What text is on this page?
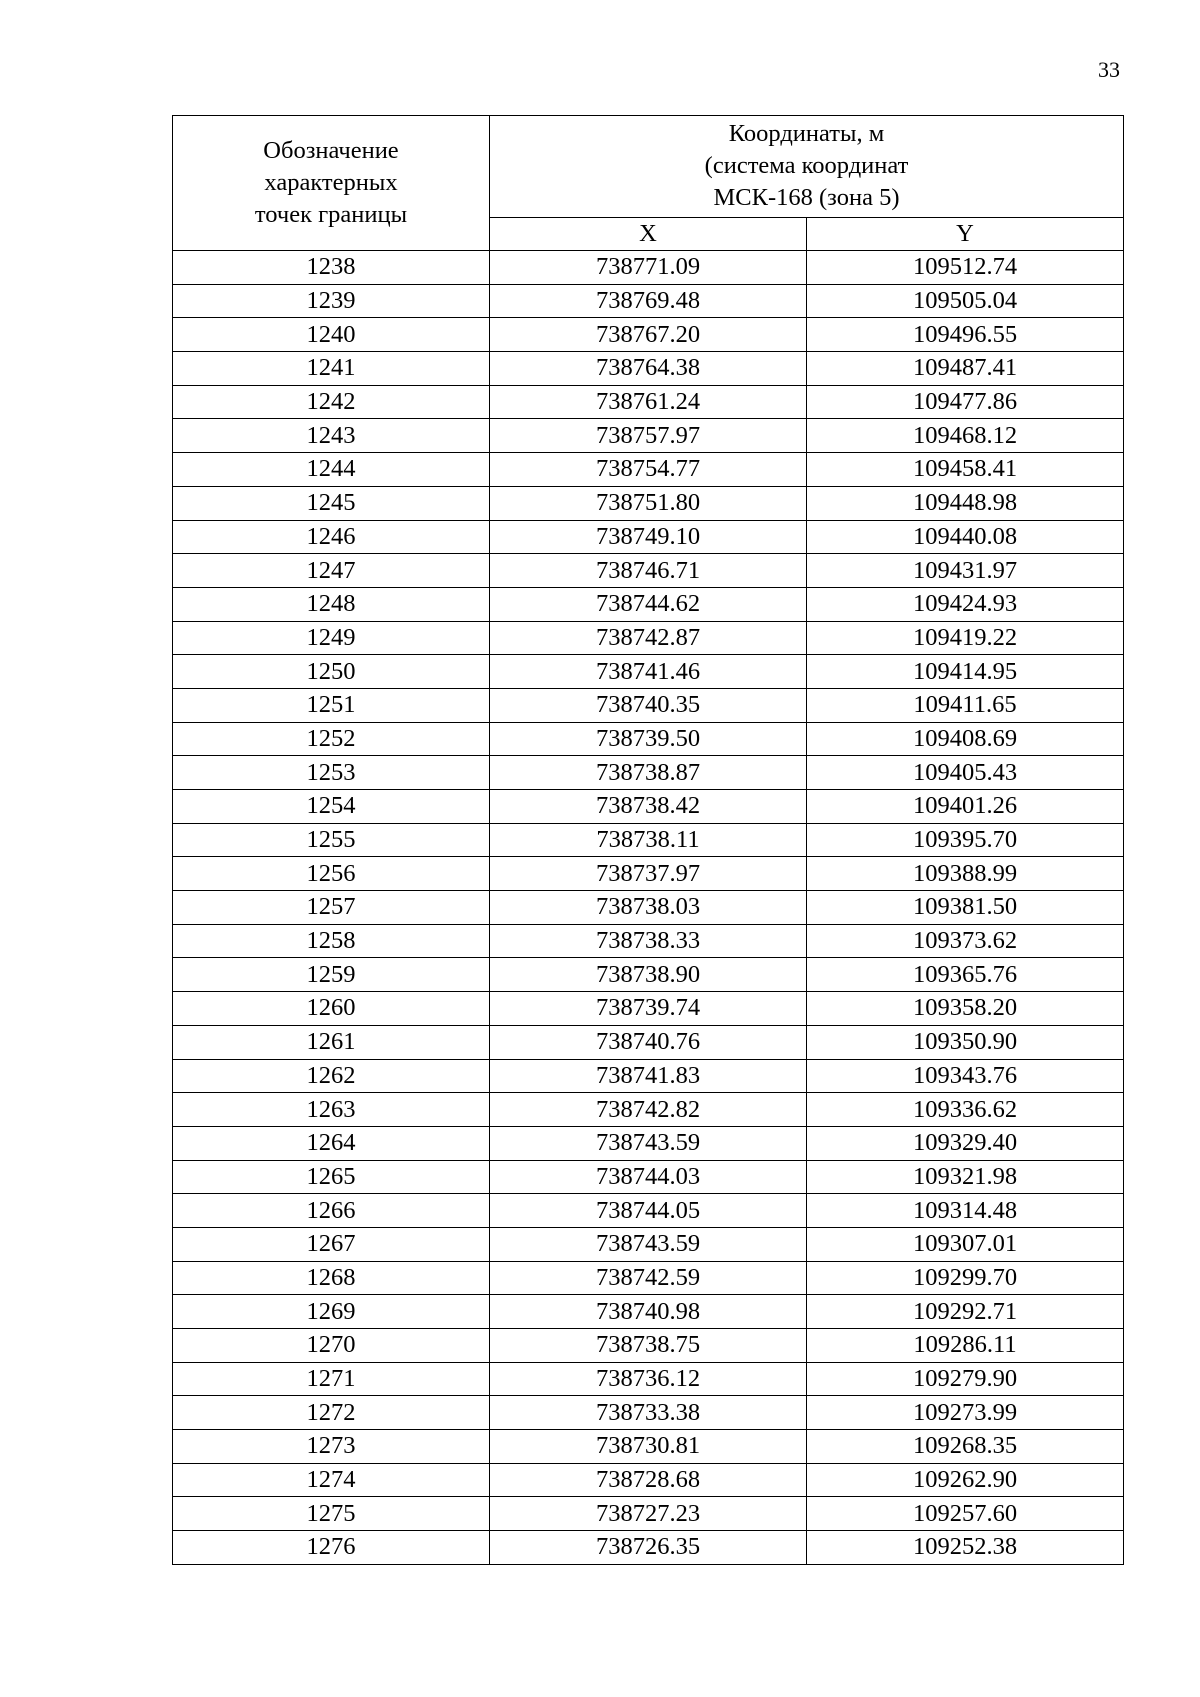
33
Обозначение
характерных
точек границы	Координаты, м
(система координат
МСК-168 (зона 5)	

	X	Y
1238	738771.09	109512.74
1239	738769.48	109505.04
1240	738767.20	109496.55
1241	738764.38	109487.41
1242	738761.24	109477.86
1243	738757.97	109468.12
1244	738754.77	109458.41
1245	738751.80	109448.98
1246	738749.10	109440.08
1247	738746.71	109431.97
1248	738744.62	109424.93
1249	738742.87	109419.22
1250	738741.46	109414.95
1251	738740.35	109411.65
1252	738739.50	109408.69
1253	738738.87	109405.43
1254	738738.42	109401.26
1255	738738.11	109395.70
1256	738737.97	109388.99
1257	738738.03	109381.50
1258	738738.33	109373.62
1259	738738.90	109365.76
1260	738739.74	109358.20
1261	738740.76	109350.90
1262	738741.83	109343.76
1263	738742.82	109336.62
1264	738743.59	109329.40
1265	738744.03	109321.98
1266	738744.05	109314.48
1267	738743.59	109307.01
1268	738742.59	109299.70
1269	738740.98	109292.71
1270	738738.75	109286.11
1271	738736.12	109279.90
1272	738733.38	109273.99
1273	738730.81	109268.35
1274	738728.68	109262.90
1275	738727.23	109257.60
1276	738726.35	109252.38
